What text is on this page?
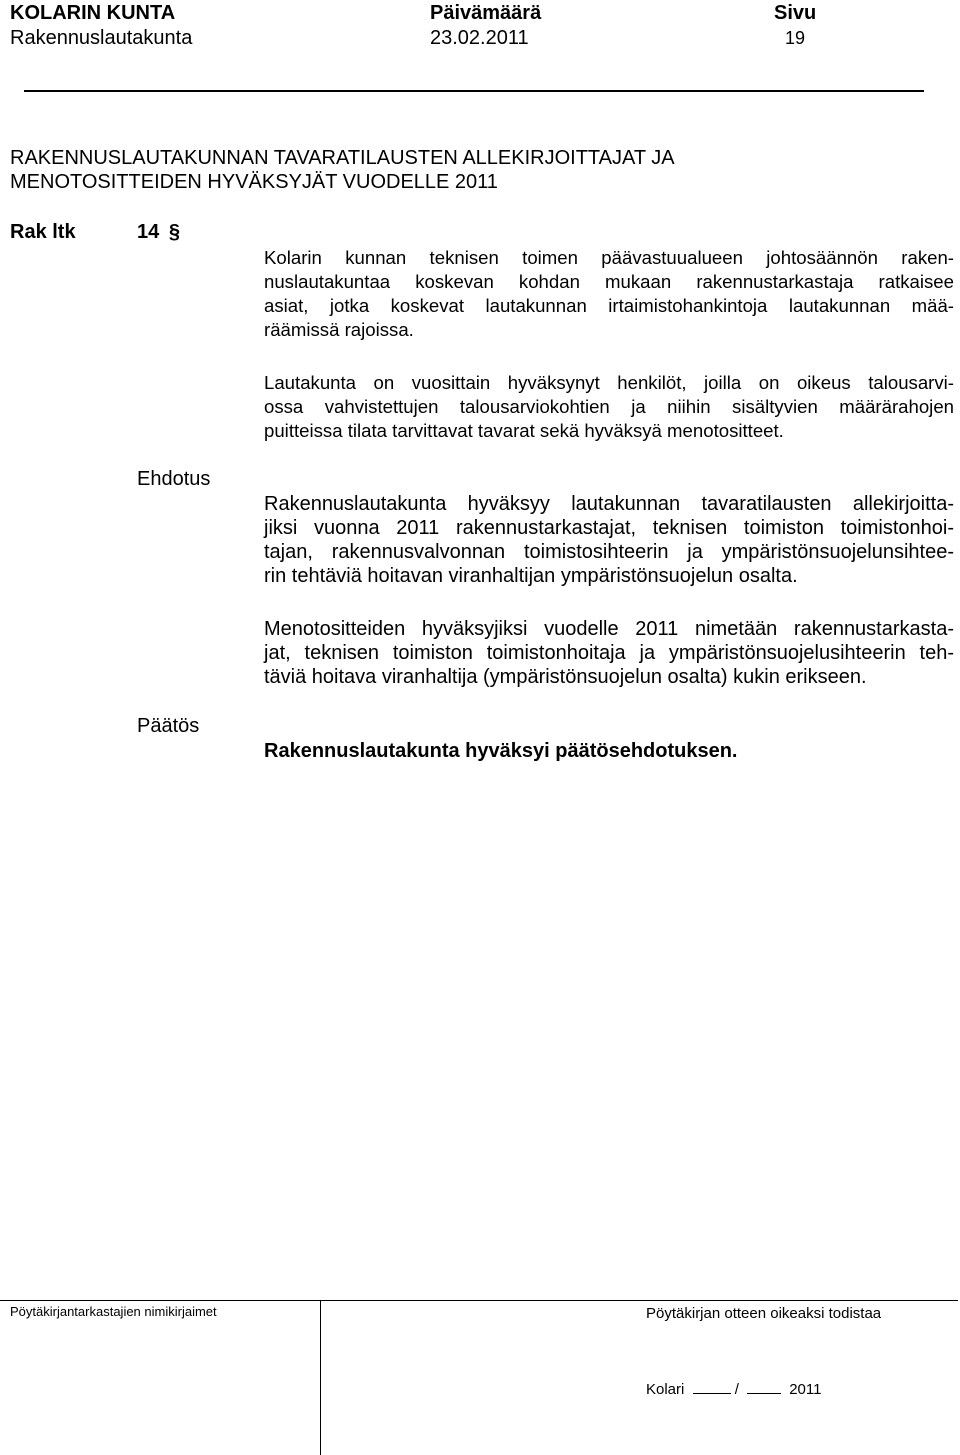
KOLARIN KUNTA	Päivämäärä	Sivu
Rakennuslautakunta	23.02.2011	19
RAKENNUSLAUTAKUNNAN TAVARATILAUSTEN ALLEKIRJOITTAJAT JA MENOTOSITTEIDEN HYVÄKSYJÄT VUODELLE 2011
Rak ltk	14 §
Kolarin kunnan teknisen toimen päävastuualueen johtosäännön raken-
nuslautakuntaa koskevan kohdan mukaan rakennustarkastaja ratkaisee
asiat, jotka koskevat lautakunnan irtaimistohankintoja lautakunnan mää-
räämissä rajoissa.
Lautakunta on vuosittain hyväksynyt henkilöt, joilla on oikeus talousarvi-
ossa vahvistettujen talousarviokohtien ja niihin sisältyvien määrärahojen
puitteissa tilata tarvittavat tavarat sekä hyväksyä menotositteet.
Ehdotus
Rakennuslautakunta hyväksyy lautakunnan tavaratilausten allekirjoitta-
jiksi vuonna 2011 rakennustarkastajat, teknisen toimiston toimistonhoi-
tajan, rakennusvalvonnan toimistosihteerin ja ympäristönsuojelunsihtee-
rin tehtäviä hoitavan viranhaltijan ympäristönsuojelun osalta.
Menotositteiden hyväksyjiksi vuodelle 2011 nimetään rakennustarkasta-
jat, teknisen toimiston toimistonhoitaja ja ympäristönsuojelusihteerin teh-
täviä hoitava viranhaltija (ympäristönsuojelun osalta) kukin erikseen.
Päätös
Rakennuslautakunta hyväksyi päätösehdotuksen.
Pöytäkirjantarkastajien nimikirjaimet	Pöytäkirjan otteen oikeaksi todistaa
Kolari	/	2011
